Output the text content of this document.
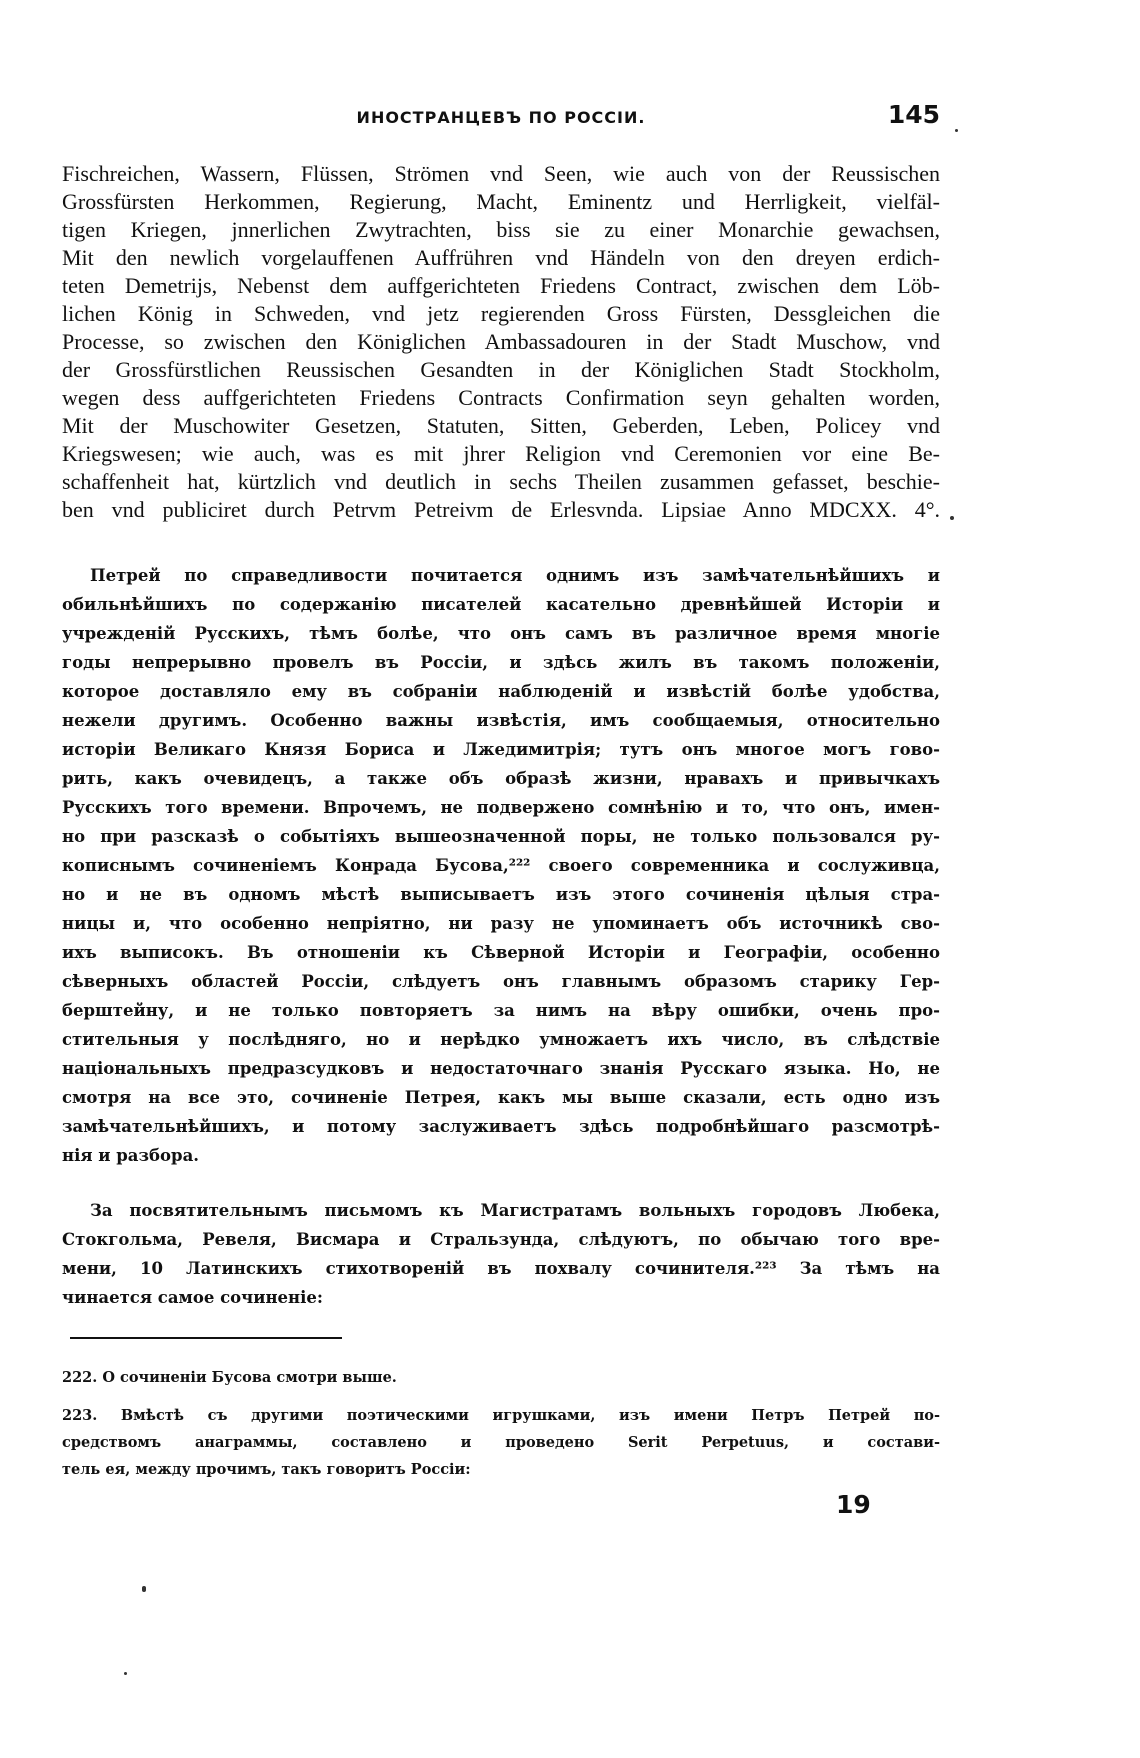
ИНОСТРАНЦЕВЪ ПО РОССІИ.	145
Fischreichen, Wassern, Flüssen, Strömen vnd Seen, wie auch von der Reussischen
Grossfürsten Herkommen, Regierung, Macht, Eminentz und Herrligkeit, vielfäl-
tigen Kriegen, jnnerlichen Zwytrachten, biss sie zu einer Monarchie gewachsen,
Mit den newlich vorgelauffenen Auffrühren vnd Händeln von den dreyen erdich-
teten Demetrijs, Nebenst dem auffgerichteten Friedens Contract, zwischen dem Löb-
lichen König in Schweden, vnd jetz regierenden Gross Fürsten, Dessgleichen die
Processe, so zwischen den Königlichen Ambassadouren in der Stadt Muschow, vnd
der Grossfürstlichen Reussischen Gesandten in der Königlichen Stadt Stockholm,
wegen dess auffgerichteten Friedens Contracts Confirmation seyn gehalten worden,
Mit der Muschowiter Gesetzen, Statuten, Sitten, Geberden, Leben, Policey vnd
Kriegswesen; wie auch, was es mit jhrer Religion vnd Ceremonien vor eine Be-
schaffenheit hat, kürtzlich vnd deutlich in sechs Theilen zusammen gefasset, beschie-
ben vnd publiciret durch Petrvm Petreivm de Erlesvnda. Lipsiae Anno MDCXX. 4°.
Петрей по справедливости почитается однимъ изъ замѣчательнѣйшихъ и
обильнѣйшихъ по содержанію писателей касательно древнѣйшей Исторіи и
учрежденій Русскихъ, тѣмъ болѣе, что онъ самъ въ различное время многіе
годы непрерывно провелъ въ Россіи, и здѣсь жилъ въ такомъ положеніи,
которое доставляло ему въ собраніи наблюденій и извѣстій болѣе удобства,
нежели другимъ. Особенно важны извѣстія, имъ сообщаемыя, относительно
исторіи Великаго Князя Бориса и Лжедимитрія; тутъ онъ многое могъ гово-
рить, какъ очевидецъ, а также объ образѣ жизни, нравахъ и привычкахъ
Русскихъ того времени. Впрочемъ, не подвержено сомнѣнію и то, что онъ, имен-
но при разсказѣ о событіяхъ вышеозначенной поры, не только пользовался ру-
кописнымъ сочиненіемъ Конрада Бусова,²²² своего современника и сослуживца,
но и не въ одномъ мѣстѣ выписываетъ изъ этого сочиненія цѣлыя стра-
ницы и, что особенно непріятно, ни разу не упоминаетъ объ источникѣ сво-
ихъ выписокъ. Въ отношеніи къ Сѣверной Исторіи и Географіи, особенно
сѣверныхъ областей Россіи, слѣдуетъ онъ главнымъ образомъ старику Гер-
берштейну, и не только повторяетъ за нимъ на вѣру ошибки, очень про-
стительныя у послѣдняго, но и нерѣдко умножаетъ ихъ число, въ слѣдствіе
національныхъ предразсудковъ и недостаточнаго знанія Русскаго языка. Но, не
смотря на все это, сочиненіе Петрея, какъ мы выше сказали, есть одно изъ
замѣчательнѣйшихъ, и потому заслуживаетъ здѣсь подробнѣйшаго разсмотрѣ-
нія и разбора.
За посвятительнымъ письмомъ къ Магистратамъ вольныхъ городовъ Любека,
Стокгольма, Ревеля, Висмара и Стральзунда, слѣдуютъ, по обычаю того вре-
мени, 10 Латинскихъ стихотвореній въ похвалу сочинителя.²²³ За тѣмъ на
чинается самое сочиненіе:
222. О сочиненіи Бусова смотри выше.
223. Вмѣстѣ съ другими поэтическими игрушками, изъ имени Петръ Петрей по-
средствомъ анаграммы, составлено и проведено Serit Perpetuus, и состави-
тель ея, между прочимъ, такъ говоритъ Россіи:
19
